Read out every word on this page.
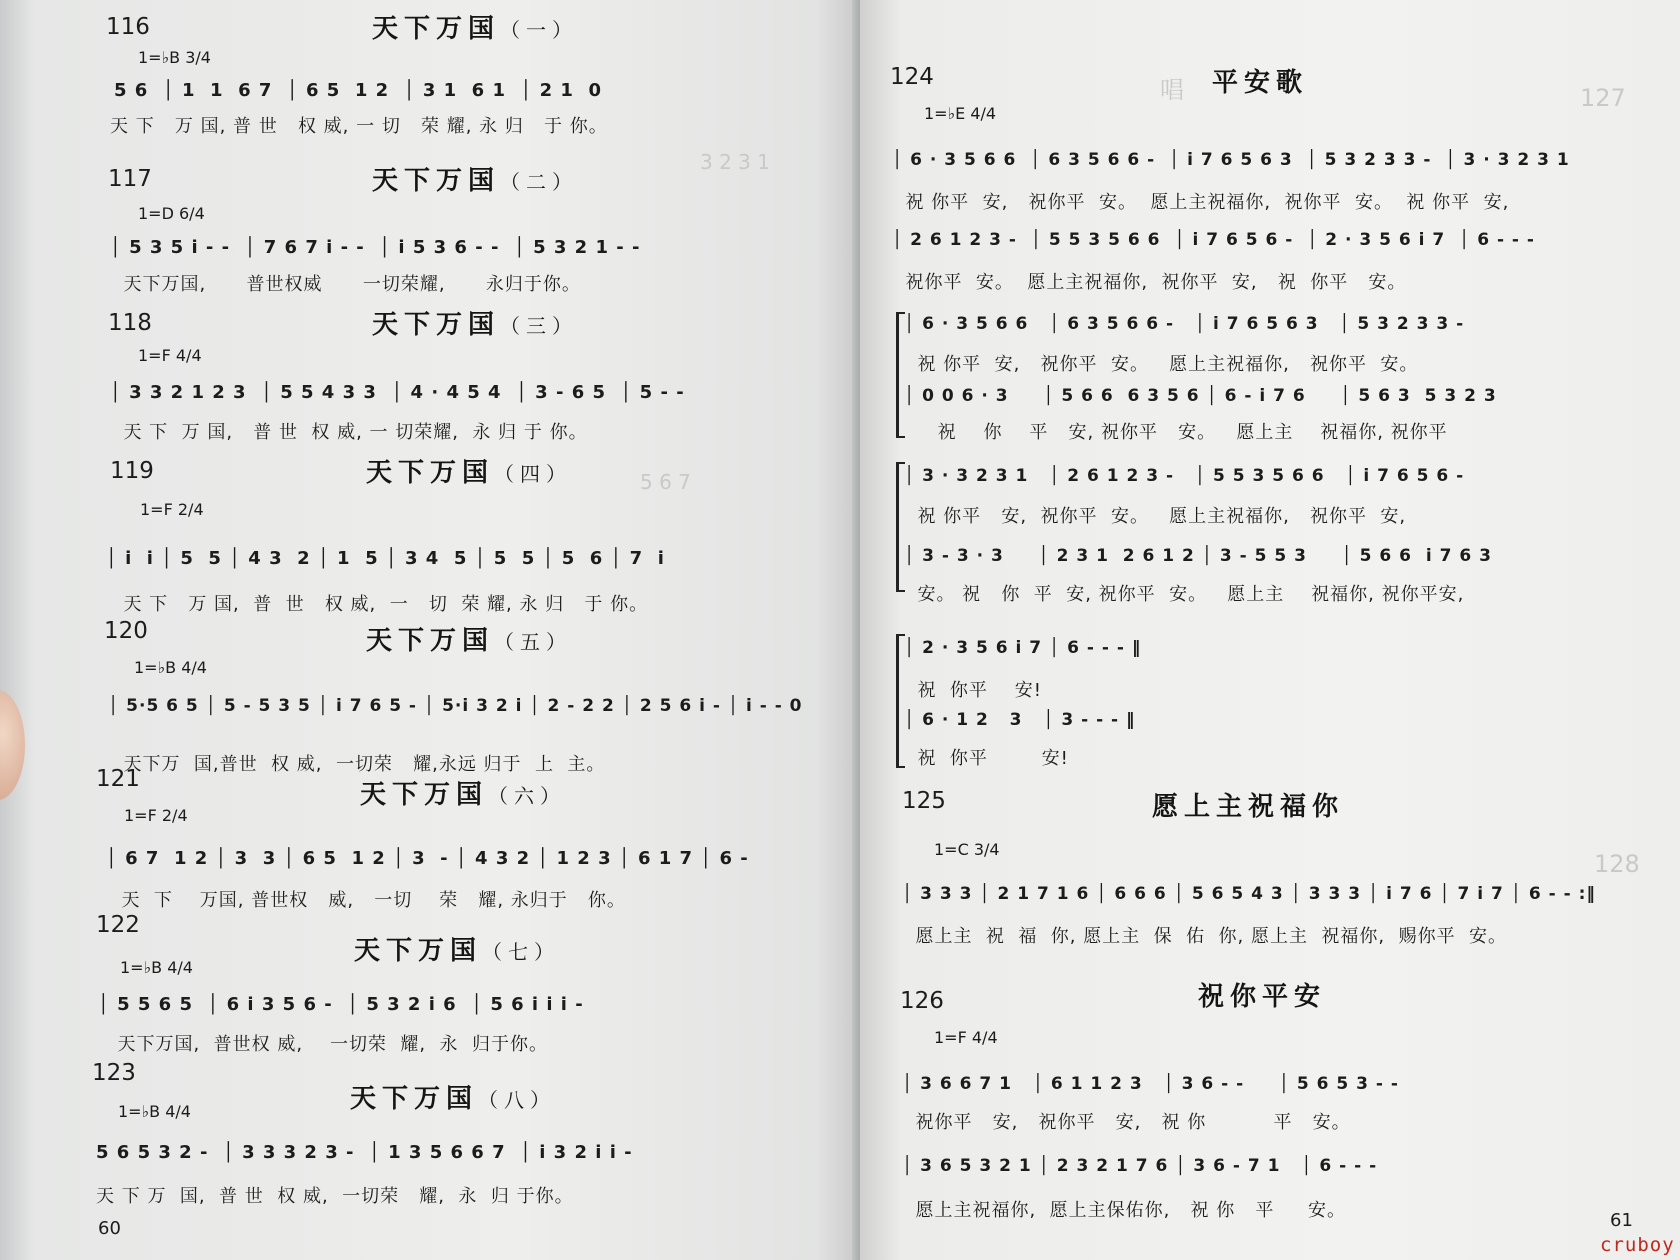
3 2 3 1
5 6 7
116	天下万国（一）
1=♭B 3/4
5 6  │ 1  1  6 7  │ 6 5  1 2  │ 3 1  6 1  │ 2 1  0
天 下   万 国, 普 世   权 威, 一 切   荣 耀, 永 归   于 你。
117	天下万国（二）
1=D 6/4
│ 5 3 5 i - -  │ 7 6 7 i - -  │ i 5 3 6 - -  │ 5 3 2 1 - -
天下万国,      普世权威      一切荣耀,      永归于你。
118	天下万国（三）
1=F 4/4
│ 3 3 2 1 2 3  │ 5 5 4 3 3  │ 4 · 4 5 4  │ 3 - 6 5  │ 5 - -
天 下  万 国,   普 世  权 威, 一 切荣耀,  永 归 于 你。
119	天下万国（四）
1=F 2/4
│ i  i │ 5  5 │ 4 3  2 │ 1  5 │ 3 4  5 │ 5  5 │ 5  6 │ 7  i
天 下   万 国,  普  世   权 威,  一   切  荣 耀, 永 归   于 你。
120	天下万国（五）
1=♭B 4/4
│ 5·5 6 5 │ 5 - 5 3 5 │ i 7 6 5 - │ 5·i 3 2 i │ 2 - 2 2 │ 2 5 6 i - │ i - - 0
天下万  国,普世  权 威,  一切荣   耀,永远 归于  上  主。
121
天下万国（六）
1=F 2/4
│ 6 7  1 2 │ 3  3 │ 6 5  1 2 │ 3  - │ 4 3 2 │ 1 2 3 │ 6 1 7 │ 6 -
天  下    万国, 普世权   威,   一切    荣   耀, 永归于   你。
122
天下万国（七）
1=♭B 4/4
│ 5 5 6 5  │ 6 i 3 5 6 -  │ 5 3 2 i 6  │ 5 6 i i i -
天下万国,  普世权 威,    一切荣  耀,  永  归于你。
123
天下万国（八）
1=♭B 4/4
5 6 5 3 2 -  │ 3 3 3 2 3 -  │ 1 3 5 6 6 7  │ i 3 2 i i -
天 下 万  国,  普 世  权 威,  一切荣   耀,  永  归 于你。
60
唱	127
128
124	平安歌
1=♭E 4/4
│ 6 · 3 5 6 6  │ 6 3 5 6 6 -  │ i 7 6 5 6 3  │ 5 3 2 3 3 -  │ 3 · 3 2 3 1
祝 你平  安,   祝你平  安。  愿上主祝福你,  祝你平  安。  祝 你平  安,
│ 2 6 1 2 3 -  │ 5 5 3 5 6 6  │ i 7 6 5 6 -  │ 2 · 3 5 6 i 7  │ 6 - - -
祝你平  安。  愿上主祝福你,  祝你平  安,   祝  你平   安。
│ 6 · 3 5 6 6   │ 6 3 5 6 6 -   │ i 7 6 5 6 3   │ 5 3 2 3 3 -
祝 你平  安,   祝你平  安。   愿上主祝福你,   祝你平  安。
│ 0 0 6 · 3     │ 5 6 6  6 3 5 6 │ 6 - i 7 6     │ 5 6 3  5 3 2 3
祝    你    平   安, 祝你平   安。   愿上主    祝福你, 祝你平
│ 3 · 3 2 3 1   │ 2 6 1 2 3 -   │ 5 5 3 5 6 6   │ i 7 6 5 6 -
祝 你平   安,  祝你平  安。   愿上主祝福你,   祝你平  安,
│ 3 - 3 · 3     │ 2 3 1  2 6 1 2 │ 3 - 5 5 3     │ 5 6 6  i 7 6 3
安。 祝   你  平  安, 祝你平  安。   愿上主    祝福你, 祝你平安,
│ 2 · 3 5 6 i 7 │ 6 - - - ‖
祝  你平    安!
│ 6 · 1 2   3   │ 3 - - - ‖
祝  你平        安!
125	愿上主祝福你
1=C 3/4
│ 3 3 3 │ 2 1 7 1 6 │ 6 6 6 │ 5 6 5 4 3 │ 3 3 3 │ i 7 6 │ 7 i 7 │ 6 - - :‖
愿上主  祝  福  你, 愿上主  保  佑  你, 愿上主  祝福你,  赐你平  安。
126	祝你平安
1=F 4/4
│ 3 6 6 7 1   │ 6 1 1 2 3   │ 3 6 - -     │ 5 6 5 3 - -
祝你平   安,   祝你平   安,   祝 你          平   安。
│ 3 6 5 3 2 1 │ 2 3 2 1 7 6 │ 3 6 - 7 1   │ 6 - - -
愿上主祝福你,  愿上主保佑你,   祝 你   平     安。	61
cruboy
